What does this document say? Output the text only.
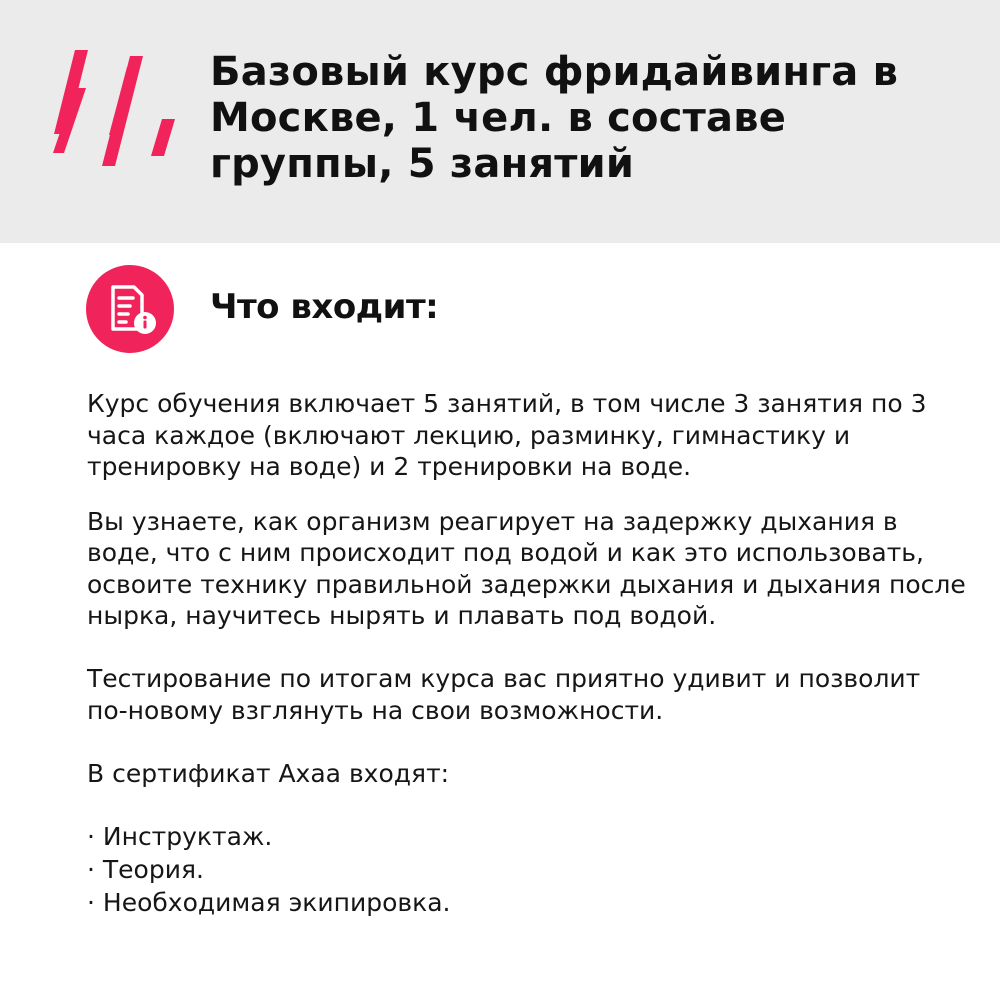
Базовый курс фридайвинга в Москве, 1 чел. в составе группы, 5 занятий
Что входит:

Курс обучения включает 5 занятий, в том числе 3 занятия по 3 часа каждое (включают лекцию, разминку, гимнастику и тренировку на воде) и 2 тренировки на воде.

Вы узнаете, как организм реагирует на задержку дыхания в воде, что с ним происходит под водой и как это использовать, освоите технику правильной задержки дыхания и дыхания после нырка, научитесь нырять и плавать под водой.

Тестирование по итогам курса вас приятно удивит и позволит по-новому взглянуть на свои возможности.

В сертификат Ахаа входят:

· Инструктаж.
· Теория.
· Необходимая экипировка.
